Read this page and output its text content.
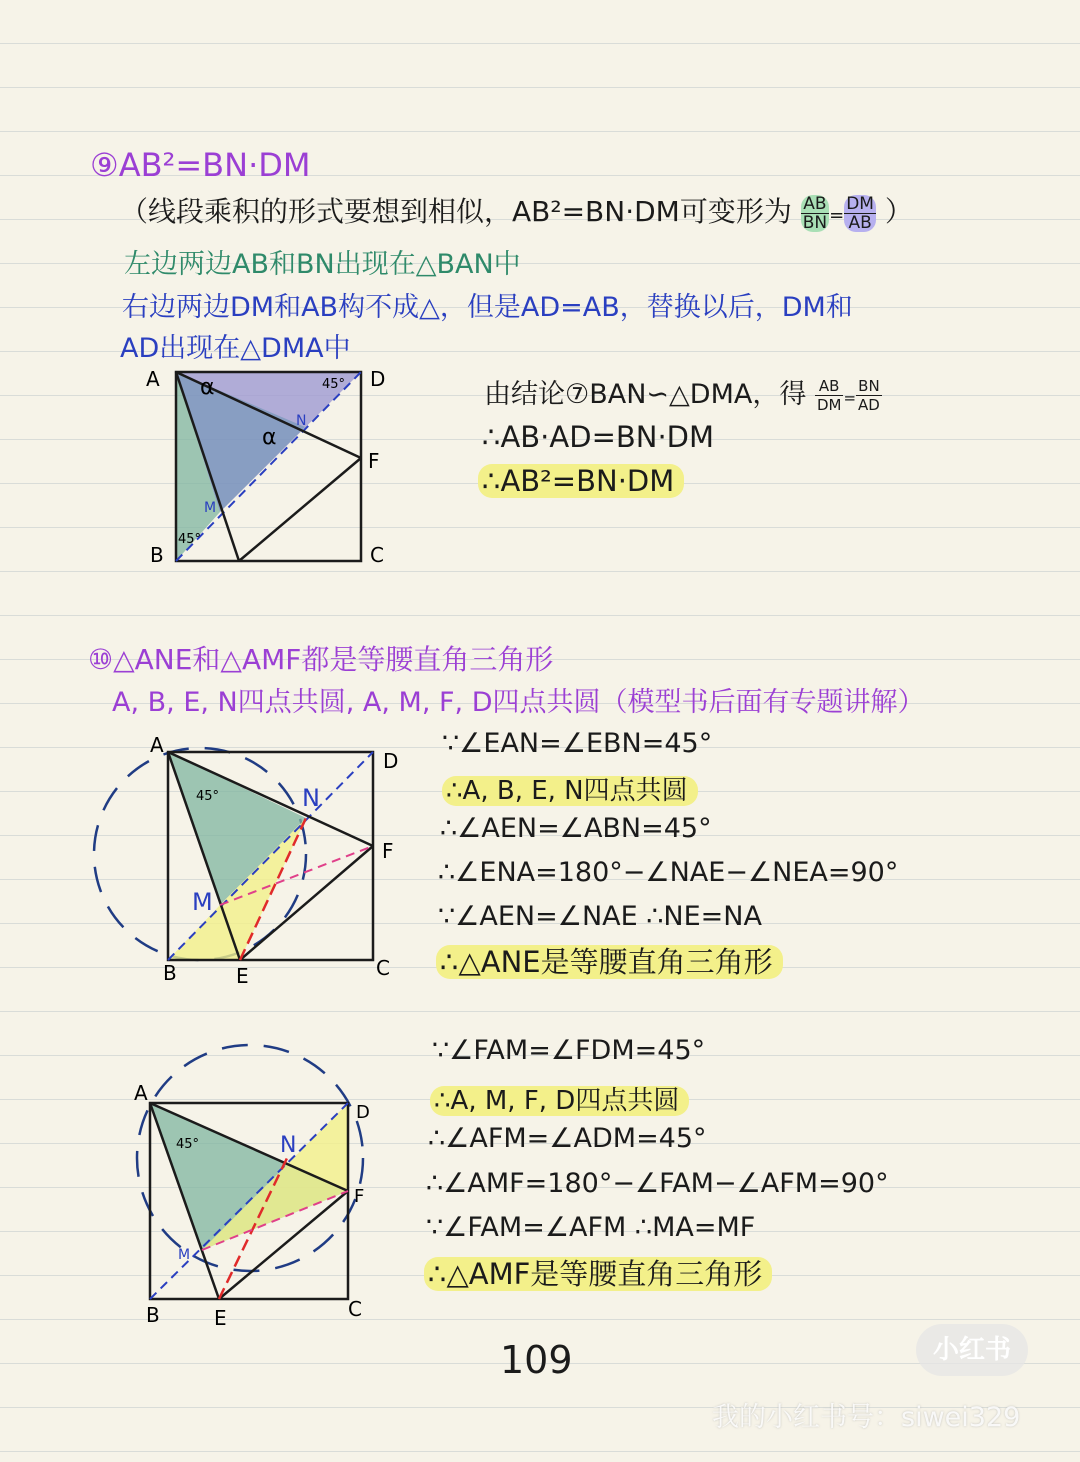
⑨AB²=BN·DM
（线段乘积的形式要想到相似，AB²=BN·DM可变形为 $\frac{AB}{BN} = \frac{DM}{AB}$ ）
左边两边AB和BN出现在△BAN中
右边两边DM和AB构不成△，但是AD=AB，替换以后，DM和
AD出现在△DMA中
A	D
F
B	C
N
M
α
α
45°
45°
由结论⑦BAN∽△DMA，得 $\frac{AB}{DM} = \frac{BN}{AD}$
∴AB·AD=BN·DM
∴AB²=BN·DM
⑩△ANE和△AMF都是等腰直角三角形
A, B, E, N四点共圆, A, M, F, D四点共圆（模型书后面有专题讲解）
A
D
F
B	E	C
N
M
45°
∵∠EAN=∠EBN=45°
∴A, B, E, N四点共圆
∴∠AEN=∠ABN=45°
∴∠ENA=180°−∠NAE−∠NEA=90°
∵∠AEN=∠NAE ∴NE=NA
∴△ANE是等腰直角三角形
A
D
F
B	E	C
N
M
45°
∵∠FAM=∠FDM=45°
∴A, M, F, D四点共圆
∴∠AFM=∠ADM=45°
∴∠AMF=180°−∠FAM−∠AFM=90°
∵∠FAM=∠AFM ∴MA=MF
∴△AMF是等腰直角三角形
109	小红书
我的小红书号：siwei329
